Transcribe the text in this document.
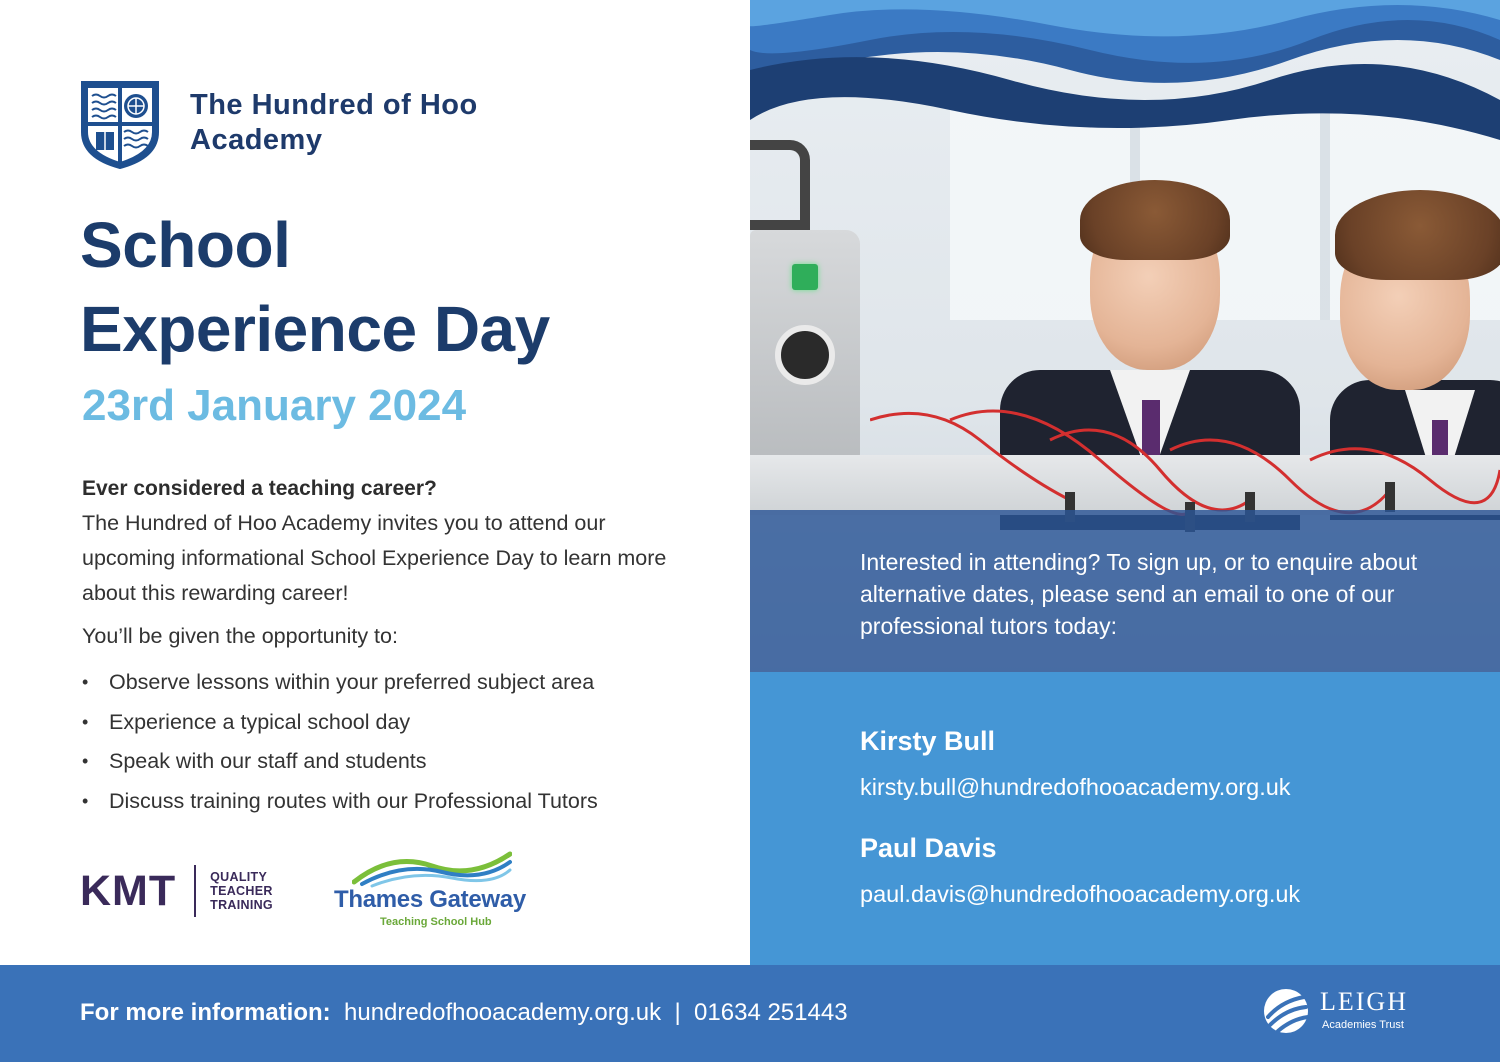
The Hundred of Hoo
Academy
School
Experience Day
23rd January 2024
Ever considered a teaching career?
The Hundred of Hoo Academy invites you to attend our upcoming informational School Experience Day to learn more about this rewarding career!
You’ll be given the opportunity to:
• Observe lessons within your preferred subject area
• Experience a typical school day
• Speak with our staff and students
• Discuss training routes with our Professional Tutors
KMT	QUALITY
TEACHER
TRAINING	Thames Gateway
Teaching School Hub
Interested in attending? To sign up, or to enquire about alternative dates, please send an email to one of our professional tutors today:
Kirsty Bull
kirsty.bull@hundredofhooacademy.org.uk
Paul Davis
paul.davis@hundredofhooacademy.org.uk
For more information: hundredofhooacademy.org.uk | 01634 251443	LEIGH
Academies Trust
